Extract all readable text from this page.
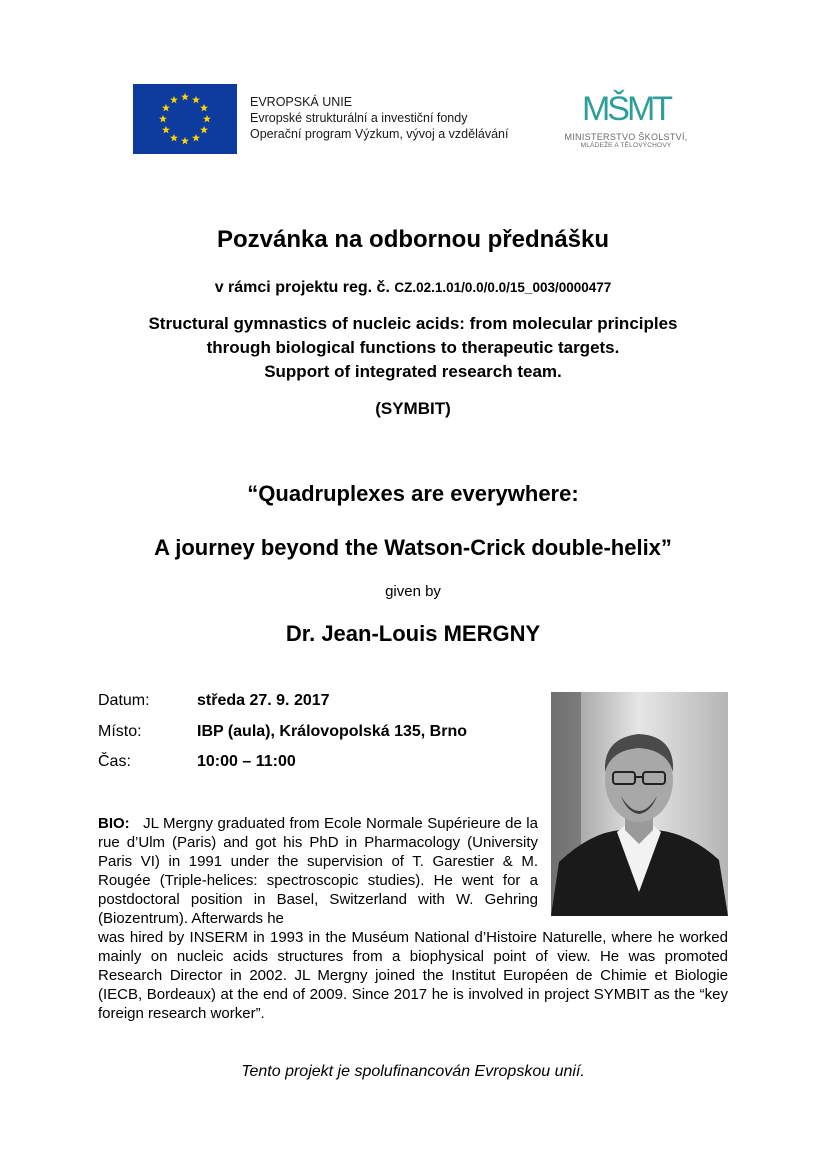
EVROPSKÁ UNIE
Evropské strukturální a investiční fondy
Operační program Výzkum, vývoj a vzdělávání
MŠMT
MINISTERSTVO ŠKOLSTVÍ,
MLÁDEŽE A TĚLOVÝCHOVY
Pozvánka na odbornou přednášku
v rámci projektu reg. č. CZ.02.1.01/0.0/0.0/15_003/0000477
Structural gymnastics of nucleic acids: from molecular principles
through biological functions to therapeutic targets.
Support of integrated research team.
(SYMBIT)
“Quadruplexes are everywhere:
A journey beyond the Watson-Crick double-helix”
given by
Dr. Jean-Louis MERGNY
Datum:	středa 27. 9. 2017
Místo:	IBP (aula), Královopolská 135, Brno
Čas:	10:00 – 11:00
BIO: JL Mergny graduated from Ecole Normale Supérieure de la rue d’Ulm (Paris) and got his PhD in Pharmacology (University Paris VI) in 1991 under the supervision of T. Garestier & M. Rougée (Triple-helices: spectroscopic studies). He went for a postdoctoral position in Basel, Switzerland with W. Gehring (Biozentrum). Afterwards he
was hired by INSERM in 1993 in the Muséum National d’Histoire Naturelle, where he worked mainly on nucleic acids structures from a biophysical point of view. He was promoted Research Director in 2002. JL Mergny joined the Institut Européen de Chimie et Biologie (IECB, Bordeaux) at the end of 2009. Since 2017 he is involved in project SYMBIT as the “key foreign research worker”.
Tento projekt je spolufinancován Evropskou unií.
